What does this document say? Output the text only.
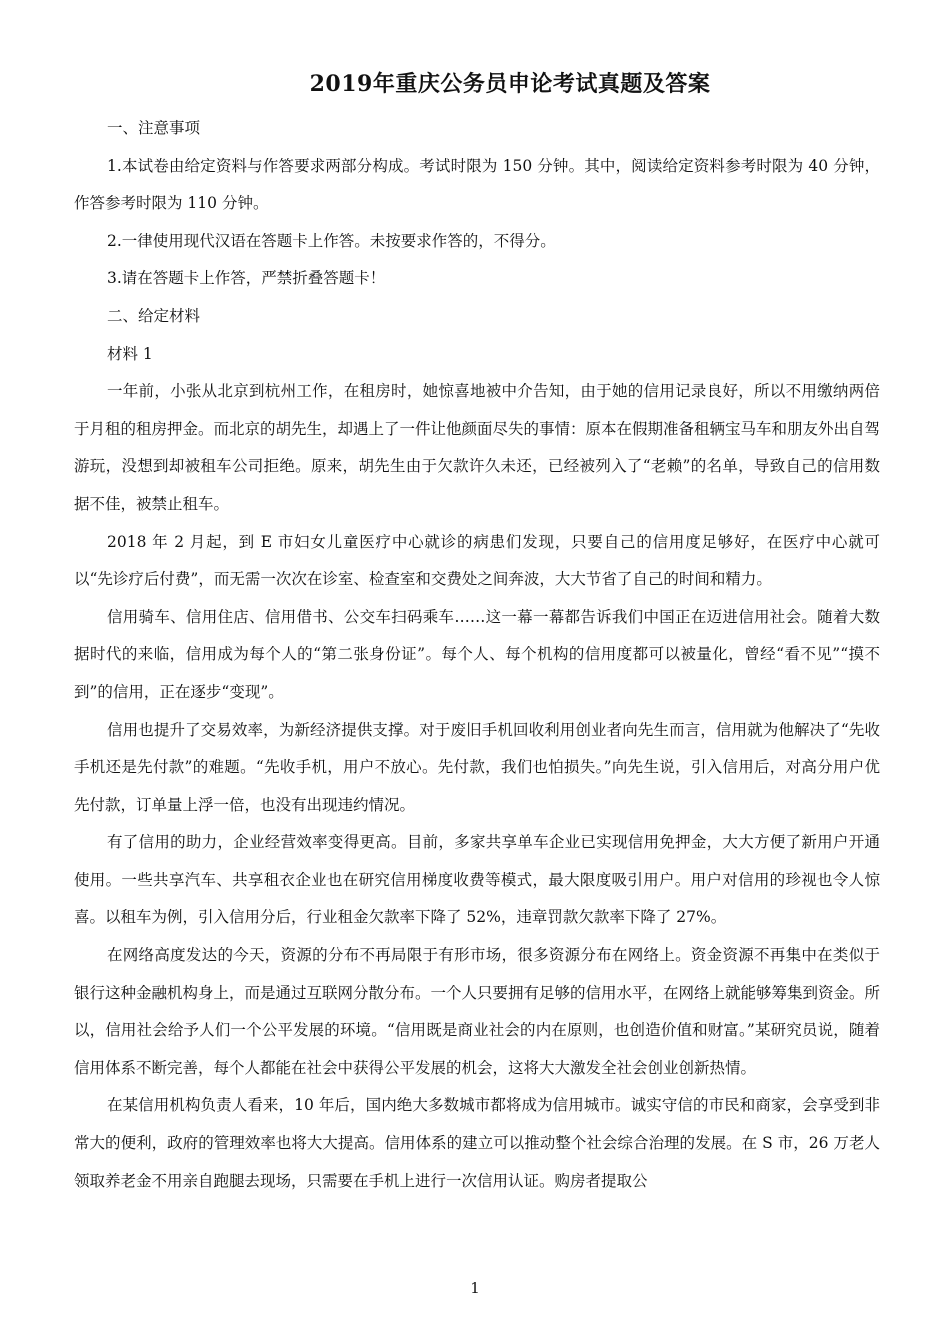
2019年重庆公务员申论考试真题及答案

一、注意事项

1.本试卷由给定资料与作答要求两部分构成。考试时限为 150 分钟。其中，阅读给定资料参考时限为 40 分钟，作答参考时限为 110 分钟。

2.一律使用现代汉语在答题卡上作答。未按要求作答的，不得分。

3.请在答题卡上作答，严禁折叠答题卡！

二、给定材料

材料 1

一年前，小张从北京到杭州工作，在租房时，她惊喜地被中介告知，由于她的信用记录良好，所以不用缴纳两倍于月租的租房押金。而北京的胡先生，却遇上了一件让他颜面尽失的事情：原本在假期准备租辆宝马车和朋友外出自驾游玩，没想到却被租车公司拒绝。原来，胡先生由于欠款许久未还，已经被列入了“老赖”的名单，导致自己的信用数据不佳，被禁止租车。

2018 年 2 月起，到 E 市妇女儿童医疗中心就诊的病患们发现，只要自己的信用度足够好，在医疗中心就可以“先诊疗后付费”，而无需一次次在诊室、检查室和交费处之间奔波，大大节省了自己的时间和精力。

信用骑车、信用住店、信用借书、公交车扫码乘车……这一幕一幕都告诉我们中国正在迈进信用社会。随着大数据时代的来临，信用成为每个人的“第二张身份证”。每个人、每个机构的信用度都可以被量化，曾经“看不见”“摸不到”的信用，正在逐步“变现”。

信用也提升了交易效率，为新经济提供支撑。对于废旧手机回收利用创业者向先生而言，信用就为他解决了“先收手机还是先付款”的难题。“先收手机，用户不放心。先付款，我们也怕损失。”向先生说，引入信用后，对高分用户优先付款，订单量上浮一倍，也没有出现违约情况。

有了信用的助力，企业经营效率变得更高。目前，多家共享单车企业已实现信用免押金，大大方便了新用户开通使用。一些共享汽车、共享租衣企业也在研究信用梯度收费等模式，最大限度吸引用户。用户对信用的珍视也令人惊喜。以租车为例，引入信用分后，行业租金欠款率下降了 52%，违章罚款欠款率下降了 27%。

在网络高度发达的今天，资源的分布不再局限于有形市场，很多资源分布在网络上。资金资源不再集中在类似于银行这种金融机构身上，而是通过互联网分散分布。一个人只要拥有足够的信用水平，在网络上就能够筹集到资金。所以，信用社会给予人们一个公平发展的环境。“信用既是商业社会的内在原则，也创造价值和财富。”某研究员说，随着信用体系不断完善，每个人都能在社会中获得公平发展的机会，这将大大激发全社会创业创新热情。

在某信用机构负责人看来，10 年后，国内绝大多数城市都将成为信用城市。诚实守信的市民和商家，会享受到非常大的便利，政府的管理效率也将大大提高。信用体系的建立可以推动整个社会综合治理的发展。在 S 市，26 万老人领取养老金不用亲自跑腿去现场，只需要在手机上进行一次信用认证。购房者提取公

1
